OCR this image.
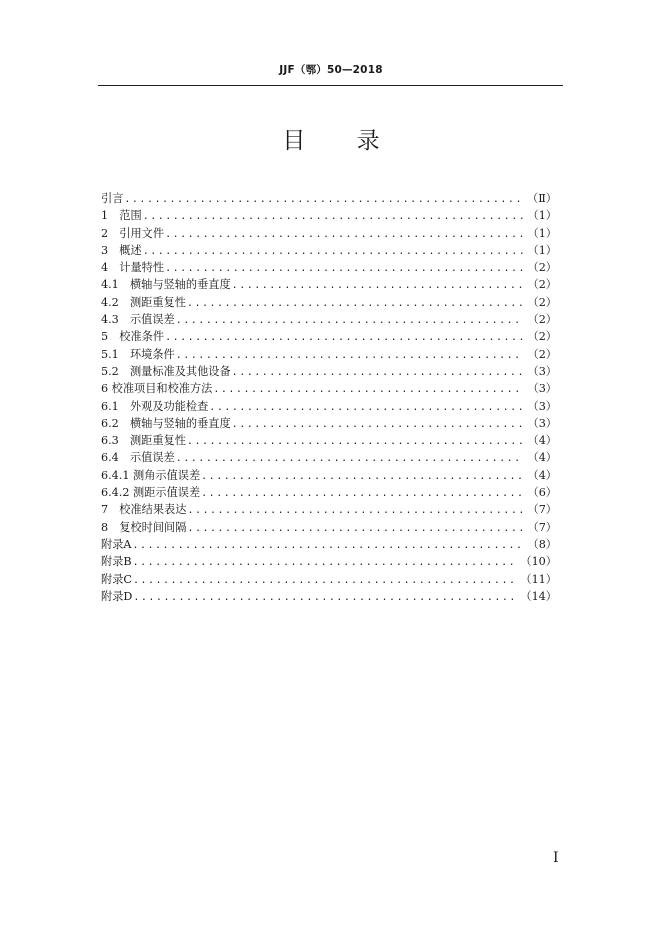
JJF（鄂）50—2018
目 录
引言 .....	（Ⅱ）
1　范围 .....	（1）
2　引用文件 .....	（1）
3　概述 .....	（1）
4　计量特性 .....	（2）
4.1　横轴与竖轴的垂直度 .....	（2）
4.2　测距重复性 .....	（2）
4.3　示值误差 .....	（2）
5　校准条件 .....	（2）
5.1　环境条件 .....	（2）
5.2　测量标准及其他设备 .....	（3）
6 校准项目和校准方法 .....	（3）
6.1　外观及功能检查 .....	（3）
6.2　横轴与竖轴的垂直度 .....	（3）
6.3　测距重复性 .....	（4）
6.4　示值误差 .....	（4）
6.4.1 测角示值误差 .....	（4）
6.4.2 测距示值误差 .....	（6）
7　校准结果表达 .....	（7）
8　复校时间间隔 .....	（7）
附录A .....	（8）
附录B .....	（10）
附录C .....	（11）
附录D .....	（14）
I
